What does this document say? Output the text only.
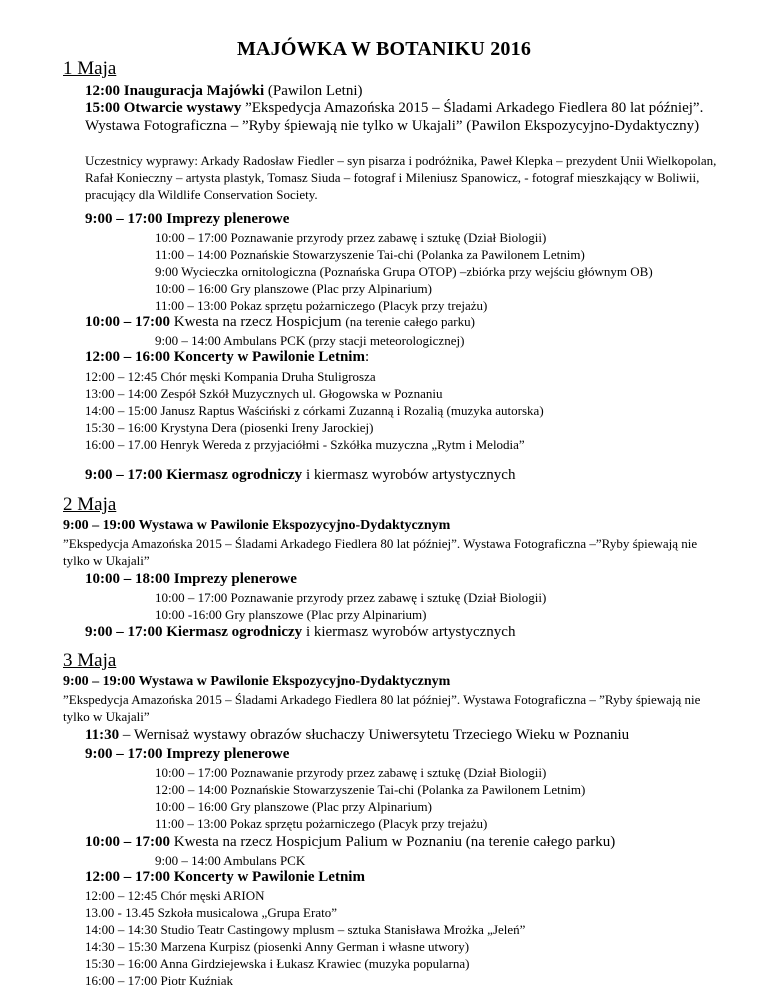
MAJÓWKA W BOTANIKU 2016
1 Maja
12:00 Inauguracja Majówki (Pawilon Letni)
15:00 Otwarcie wystawy ”Ekspedycja Amazońska 2015 – Śladami Arkadego Fiedlera 80 lat później”. Wystawa Fotograficzna – ”Ryby śpiewają nie tylko w Ukajali” (Pawilon Ekspozycyjno-Dydaktyczny)
Uczestnicy wyprawy: Arkady Radosław Fiedler – syn pisarza i podróżnika, Paweł Klepka – prezydent Unii Wielkopolan, Rafał Konieczny – artysta plastyk, Tomasz Siuda – fotograf i Mileniusz Spanowicz, - fotograf mieszkający w Boliwii, pracujący dla Wildlife Conservation Society.
9:00 – 17:00 Imprezy plenerowe
10:00 – 17:00 Poznawanie przyrody przez zabawę i sztukę (Dział Biologii)
11:00 – 14:00 Poznańskie Stowarzyszenie Tai-chi (Polanka za Pawilonem Letnim)
9:00 Wycieczka ornitologiczna (Poznańska Grupa OTOP) –zbiórka przy wejściu głównym OB)
10:00 – 16:00 Gry planszowe (Plac przy Alpinarium)
11:00 – 13:00 Pokaz sprzętu pożarniczego (Placyk przy trejażu)
10:00 – 17:00 Kwesta na rzecz Hospicjum (na terenie całego parku)
9:00 – 14:00 Ambulans PCK (przy stacji meteorologicznej)
12:00 – 16:00 Koncerty w Pawilonie Letnim:
12:00 – 12:45 Chór męski Kompania Druha Stuligrosza
13:00 – 14:00 Zespół Szkół Muzycznych ul. Głogowska w Poznaniu
14:00 – 15:00 Janusz Raptus Waściński z córkami Zuzanną i Rozalią (muzyka autorska)
15:30 – 16:00 Krystyna Dera (piosenki Ireny Jarockiej)
16:00 – 17.00 Henryk Wereda z przyjaciółmi - Szkółka muzyczna „Rytm i Melodia”
9:00 – 17:00 Kiermasz ogrodniczy i kiermasz wyrobów artystycznych
2 Maja
9:00 – 19:00 Wystawa w Pawilonie Ekspozycyjno-Dydaktycznym
”Ekspedycja Amazońska 2015 – Śladami Arkadego Fiedlera 80 lat później”. Wystawa Fotograficzna –”Ryby śpiewają nie tylko w Ukajali”
10:00 – 18:00 Imprezy plenerowe
10:00 – 17:00 Poznawanie przyrody przez zabawę i sztukę (Dział Biologii)
10:00 -16:00 Gry planszowe (Plac przy Alpinarium)
9:00 – 17:00 Kiermasz ogrodniczy i kiermasz wyrobów artystycznych
3 Maja
9:00 – 19:00 Wystawa w Pawilonie Ekspozycyjno-Dydaktycznym
”Ekspedycja Amazońska 2015 – Śladami Arkadego Fiedlera 80 lat później”. Wystawa Fotograficzna – ”Ryby śpiewają nie tylko w Ukajali”
11:30 – Wernisaż wystawy obrazów słuchaczy Uniwersytetu Trzeciego Wieku w Poznaniu
9:00 – 17:00 Imprezy plenerowe
10:00 – 17:00 Poznawanie przyrody przez zabawę i sztukę (Dział Biologii)
12:00 – 14:00 Poznańskie Stowarzyszenie Tai-chi (Polanka za Pawilonem Letnim)
10:00 – 16:00 Gry planszowe (Plac przy Alpinarium)
11:00 – 13:00 Pokaz sprzętu pożarniczego (Placyk przy trejażu)
10:00 – 17:00 Kwesta na rzecz Hospicjum Palium w Poznaniu (na terenie całego parku)
9:00 – 14:00 Ambulans PCK
12:00 – 17:00 Koncerty w Pawilonie Letnim
12:00 – 12:45 Chór męski ARION
13.00 - 13.45 Szkoła musicalowa „Grupa Erato”
14:00 – 14:30 Studio Teatr Castingowy mplusm – sztuka Stanisława Mrożka „Jeleń”
14:30 – 15:30 Marzena Kurpisz (piosenki Anny German i własne utwory)
15:30 – 16:00 Anna Girdziejewska i Łukasz Krawiec (muzyka popularna)
16:00 – 17:00 Piotr Kuźniak
